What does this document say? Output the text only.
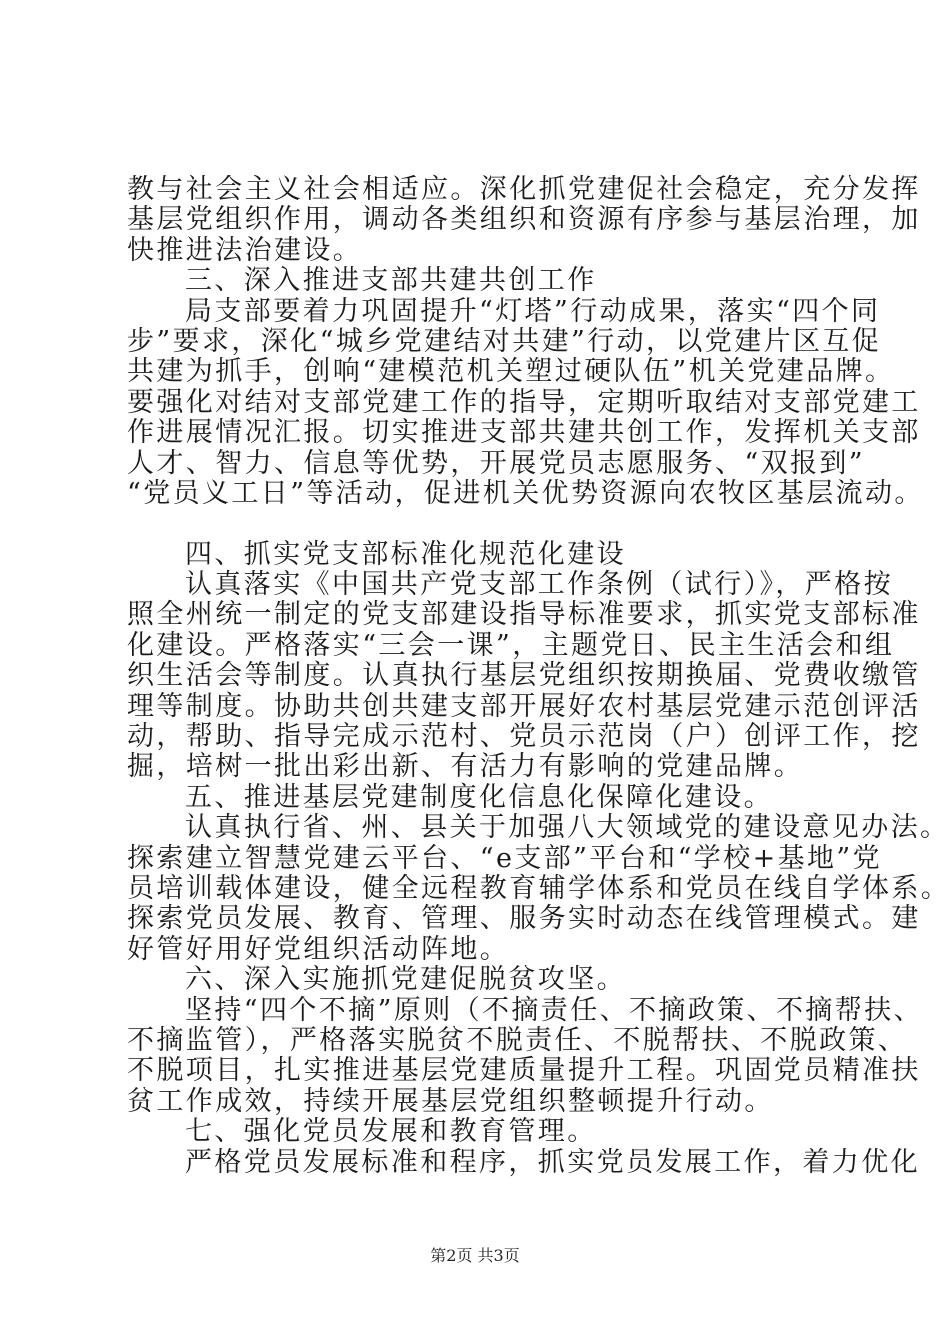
教与社会主义社会相适应。深化抓党建促社会稳定，充分发挥
基层党组织作用，调动各类组织和资源有序参与基层治理，加
快推进法治建设。
三、深入推进支部共建共创工作
局支部要着力巩固提升“灯塔”行动成果，落实“四个同
步”要求，深化“城乡党建结对共建”行动，以党建片区互促
共建为抓手，创响“建模范机关塑过硬队伍”机关党建品牌。
要强化对结对支部党建工作的指导，定期听取结对支部党建工
作进展情况汇报。切实推进支部共建共创工作，发挥机关支部
人才、智力、信息等优势，开展党员志愿服务、“双报到”
“党员义工日”等活动，促进机关优势资源向农牧区基层流动。
四、抓实党支部标准化规范化建设
认真落实《中国共产党支部工作条例（试行）》，严格按
照全州统一制定的党支部建设指导标准要求，抓实党支部标准
化建设。严格落实“三会一课”，主题党日、民主生活会和组
织生活会等制度。认真执行基层党组织按期换届、党费收缴管
理等制度。协助共创共建支部开展好农村基层党建示范创评活
动，帮助、指导完成示范村、党员示范岗（户）创评工作，挖
掘，培树一批出彩出新、有活力有影响的党建品牌。
五、推进基层党建制度化信息化保障化建设。
认真执行省、州、县关于加强八大领域党的建设意见办法。
探索建立智慧党建云平台、“e支部”平台和“学校+基地”党
员培训载体建设，健全远程教育辅学体系和党员在线自学体系。
探索党员发展、教育、管理、服务实时动态在线管理模式。建
好管好用好党组织活动阵地。
六、深入实施抓党建促脱贫攻坚。
坚持“四个不摘”原则（不摘责任、不摘政策、不摘帮扶、
不摘监管），严格落实脱贫不脱责任、不脱帮扶、不脱政策、
不脱项目，扎实推进基层党建质量提升工程。巩固党员精准扶
贫工作成效，持续开展基层党组织整顿提升行动。
七、强化党员发展和教育管理。
严格党员发展标准和程序，抓实党员发展工作，着力优化
第2页 共3页
